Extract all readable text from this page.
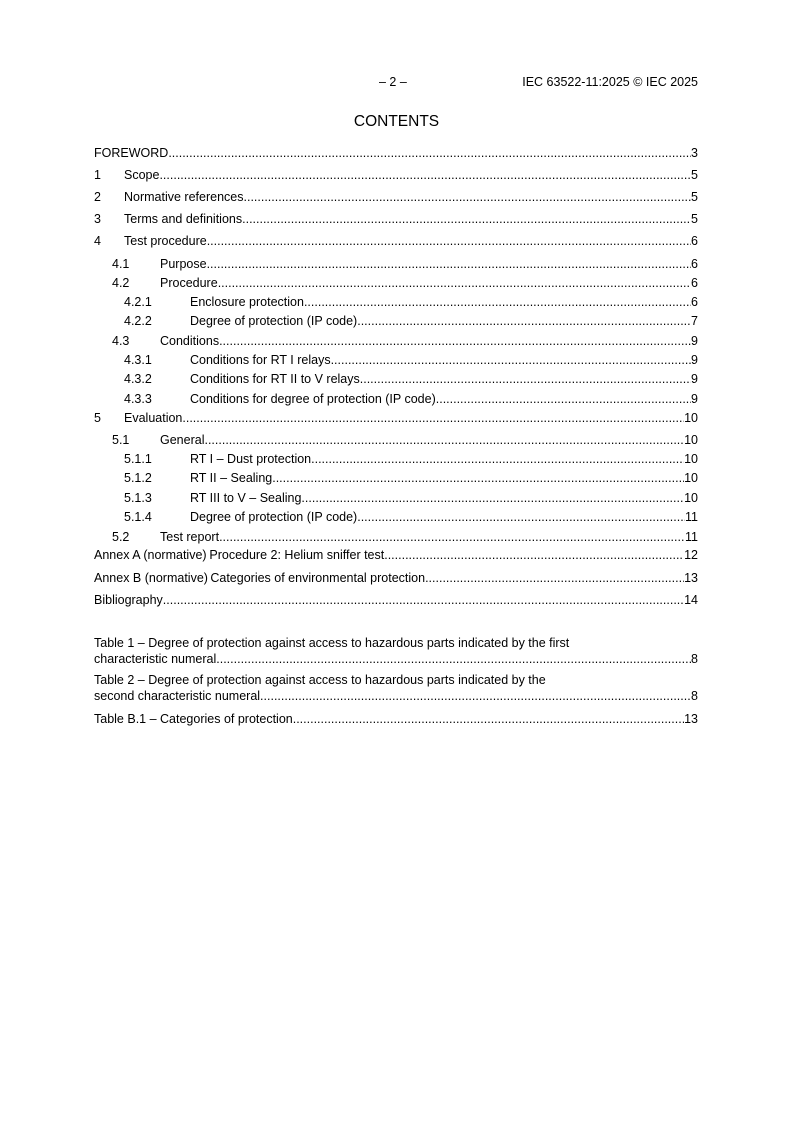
– 2 –	IEC 63522-11:2025 © IEC 2025
CONTENTS
FOREWORD .....	3
1	Scope .....	5
2	Normative references .....	5
3	Terms and definitions .....	5
4	Test procedure .....	6
4.1	Purpose .....	6
4.2	Procedure .....	6
4.2.1	Enclosure protection .....	6
4.2.2	Degree of protection (IP code) .....	7
4.3	Conditions .....	9
4.3.1	Conditions for RT I relays .....	9
4.3.2	Conditions for RT II to V relays .....	9
4.3.3	Conditions for degree of protection (IP code) .....	9
5	Evaluation .....	10
5.1	General .....	10
5.1.1	RT I – Dust protection .....	10
5.1.2	RT II – Sealing .....	10
5.1.3	RT III to V – Sealing .....	10
5.1.4	Degree of protection (IP code) .....	11
5.2	Test report .....	11
Annex A (normative) Procedure 2: Helium sniffer test .....	12
Annex B (normative) Categories of environmental protection .....	13
Bibliography .....	14
Table 1 – Degree of protection against access to hazardous parts indicated by the first
characteristic numeral .....	8
Table 2 – Degree of protection against access to hazardous parts indicated by the
second characteristic numeral .....	8
Table B.1 – Categories of protection .....	13
